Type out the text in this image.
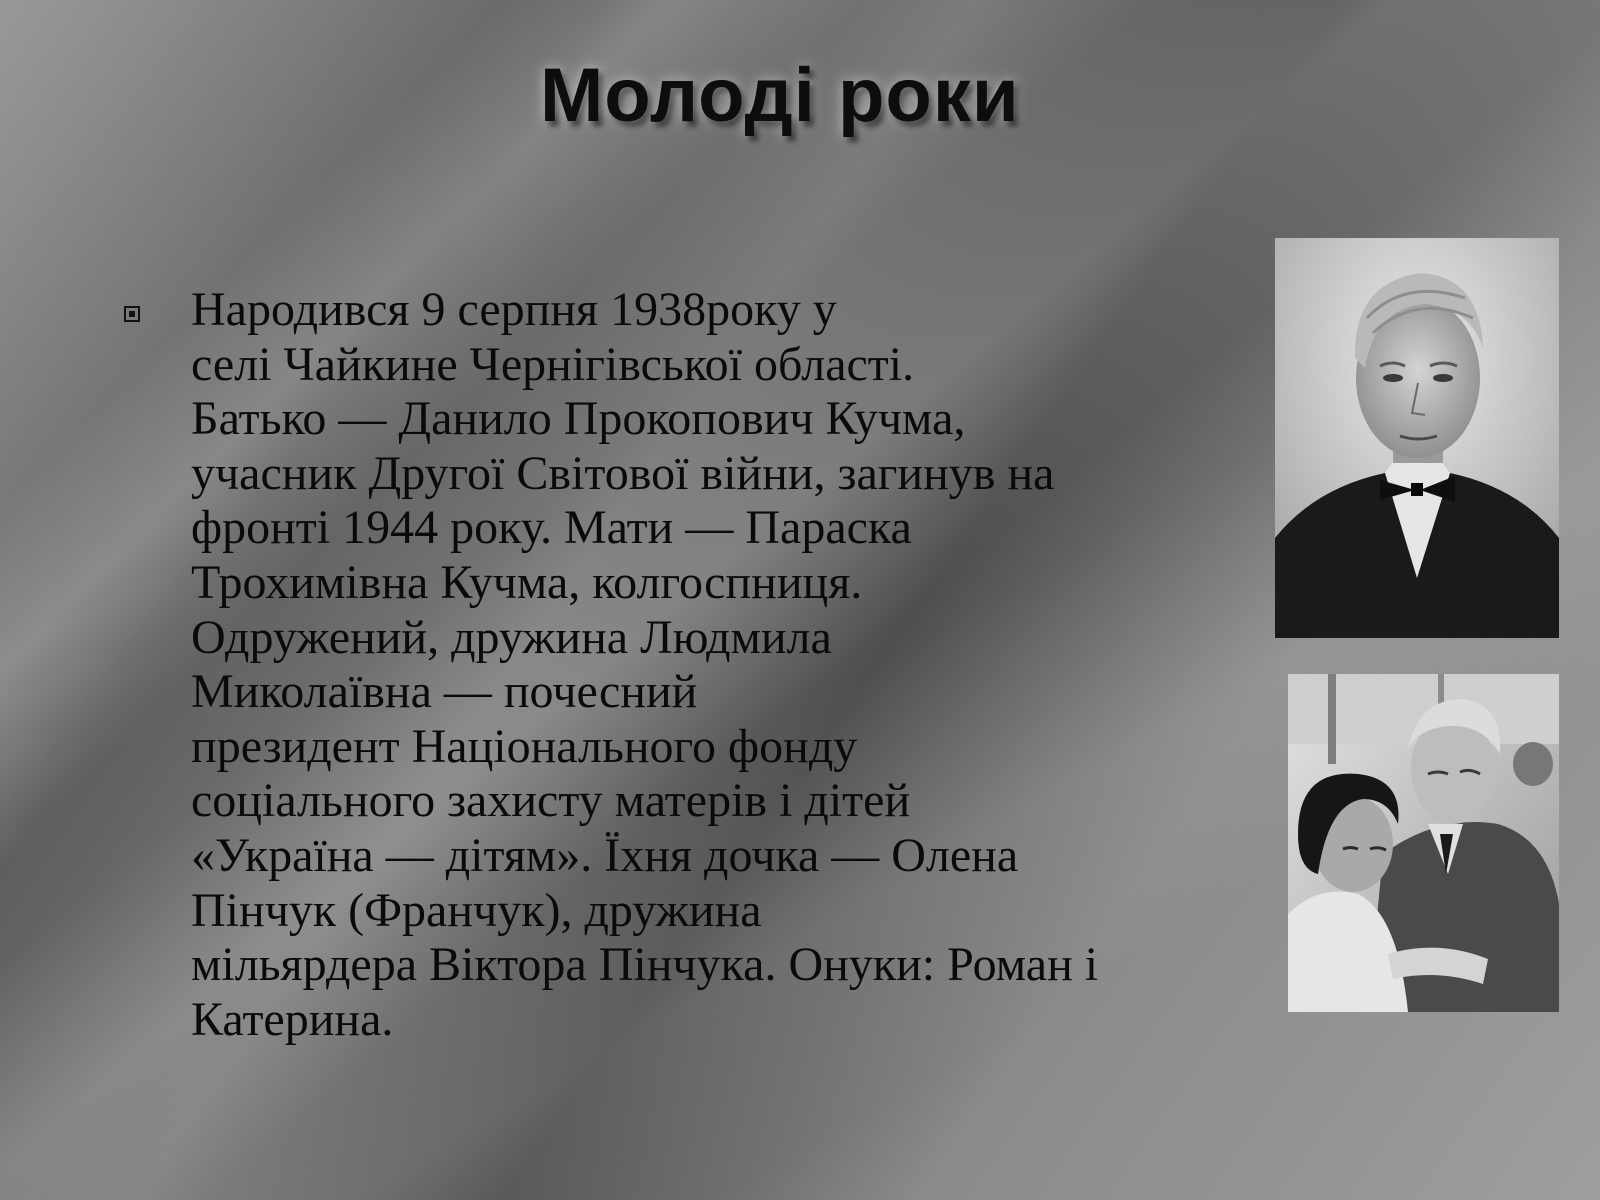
Молоді роки

Народився 9 серпня 1938року у
селі Чайкине Чернігівської області.
Батько — Данило Прокопович Кучма,
учасник Другої Світової війни, загинув на
фронті 1944 року. Мати — Параска
Трохимівна Кучма, колгоспниця.
Одружений, дружина Людмила
Миколаївна — почесний
президент Національного фонду
соціального захисту матерів і дітей
«Україна — дітям». Їхня дочка — Олена
Пінчук (Франчук), дружина
мільярдера Віктора Пінчука. Онуки: Роман і
Катерина.
